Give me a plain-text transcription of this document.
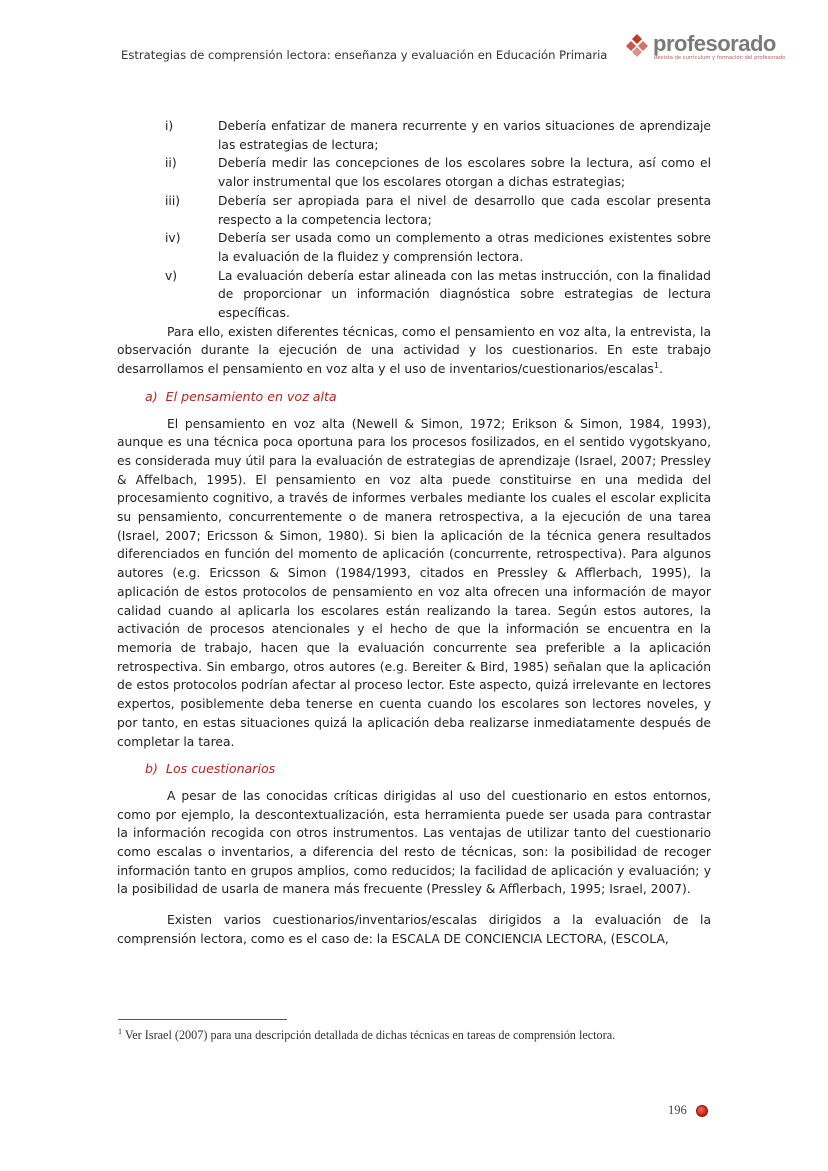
Estrategias de comprensión lectora: enseñanza y evaluación en Educación Primaria profesorado
Revista de currículum y formación del profesorado
i)	Debería enfatizar de manera recurrente y en varios situaciones de aprendizaje las estrategias de lectura;
ii)	Debería medir las concepciones de los escolares sobre la lectura, así como el valor instrumental que los escolares otorgan a dichas estrategias;
iii)	Debería ser apropiada para el nivel de desarrollo que cada escolar presenta respecto a la competencia lectora;
iv)	Debería ser usada como un complemento a otras mediciones existentes sobre la evaluación de la fluidez y comprensión lectora.
v)	La evaluación debería estar alineada con las metas instrucción, con la finalidad de proporcionar un información diagnóstica sobre estrategias de lectura específicas.

Para ello, existen diferentes técnicas, como el pensamiento en voz alta, la entrevista, la observación durante la ejecución de una actividad y los cuestionarios. En este trabajo desarrollamos el pensamiento en voz alta y el uso de inventarios/cuestionarios/escalas$^1$.

a) El pensamiento en voz alta

El pensamiento en voz alta (Newell & Simon, 1972; Erikson & Simon, 1984, 1993), aunque es una técnica poca oportuna para los procesos fosilizados, en el sentido vygotskyano, es considerada muy útil para la evaluación de estrategias de aprendizaje (Israel, 2007; Pressley & Affelbach, 1995). El pensamiento en voz alta puede constituirse en una medida del procesamiento cognitivo, a través de informes verbales mediante los cuales el escolar explicita su pensamiento, concurrentemente o de manera retrospectiva, a la ejecución de una tarea (Israel, 2007; Ericsson & Simon, 1980). Si bien la aplicación de la técnica genera resultados diferenciados en función del momento de aplicación (concurrente, retrospectiva). Para algunos autores (e.g. Ericsson & Simon (1984/1993, citados en Pressley & Afflerbach, 1995), la aplicación de estos protocolos de pensamiento en voz alta ofrecen una información de mayor calidad cuando al aplicarla los escolares están realizando la tarea. Según estos autores, la activación de procesos atencionales y el hecho de que la información se encuentra en la memoria de trabajo, hacen que la evaluación concurrente sea preferible a la aplicación retrospectiva. Sin embargo, otros autores (e.g. Bereiter & Bird, 1985) señalan que la aplicación de estos protocolos podrían afectar al proceso lector. Este aspecto, quizá irrelevante en lectores expertos, posiblemente deba tenerse en cuenta cuando los escolares son lectores noveles, y por tanto, en estas situaciones quizá la aplicación deba realizarse inmediatamente después de completar la tarea.

b) Los cuestionarios

A pesar de las conocidas críticas dirigidas al uso del cuestionario en estos entornos, como por ejemplo, la descontextualización, esta herramienta puede ser usada para contrastar la información recogida con otros instrumentos. Las ventajas de utilizar tanto del cuestionario como escalas o inventarios, a diferencia del resto de técnicas, son: la posibilidad de recoger información tanto en grupos amplios, como reducidos; la facilidad de aplicación y evaluación; y la posibilidad de usarla de manera más frecuente (Pressley & Afflerbach, 1995; Israel, 2007).

Existen varios cuestionarios/inventarios/escalas dirigidos a la evaluación de la comprensión lectora, como es el caso de: la ESCALA DE CONCIENCIA LECTORA, (ESCOLA,

$^1$ Ver Israel (2007) para una descripción detallada de dichas técnicas en tareas de comprensión lectora.
196
